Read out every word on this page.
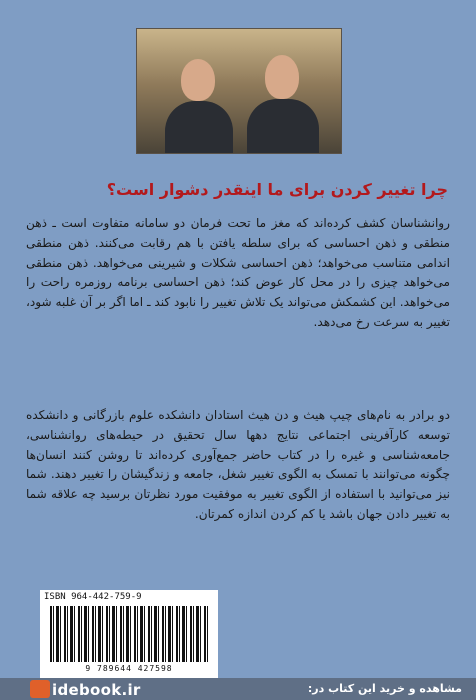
چرا تغییر کردن برای ما اینقدر دشوار است؟
روانشناسان کشف کرده‌اند که مغز ما تحت فرمان دو سامانه متفاوت است ـ ذهن منطقی و ذهن احساسی که برای سلطه یافتن با هم رقابت می‌کنند. ذهن منطقی اندامی متناسب می‌خواهد؛ ذهن احساسی شکلات و شیرینی می‌خواهد. ذهن منطقی می‌خواهد چیزی را در محل کار عوض کند؛ ذهن احساسی برنامه روزمره راحت را می‌خواهد. این کشمکش می‌تواند یک تلاش تغییر را نابود کند ـ اما اگر بر آن غلبه شود، تغییر به سرعت رخ می‌دهد.
دو برادر به نام‌های چیپ هیث و دن هیث استادان دانشکده علوم بازرگانی و دانشکده توسعه کارآفرینی اجتماعی نتایج دهها سال تحقیق در حیطه‌های روانشناسی، جامعه‌شناسی و غیره را در کتاب حاضر جمع‌آوری کرده‌اند تا روشن کنند انسان‌ها چگونه می‌توانند با تمسک به الگوی تغییر شغل، جامعه و زندگیشان را تغییر دهند. شما نیز می‌توانید با استفاده از الگوی تغییر به موفقیت مورد نظرتان برسید چه علاقه شما به تغییر دادن جهان باشد یا کم کردن اندازه کمرتان.
ISBN 964-442-759-9
9 789644 427598
idebook.ir	مشاهده و خرید این کتاب در:
